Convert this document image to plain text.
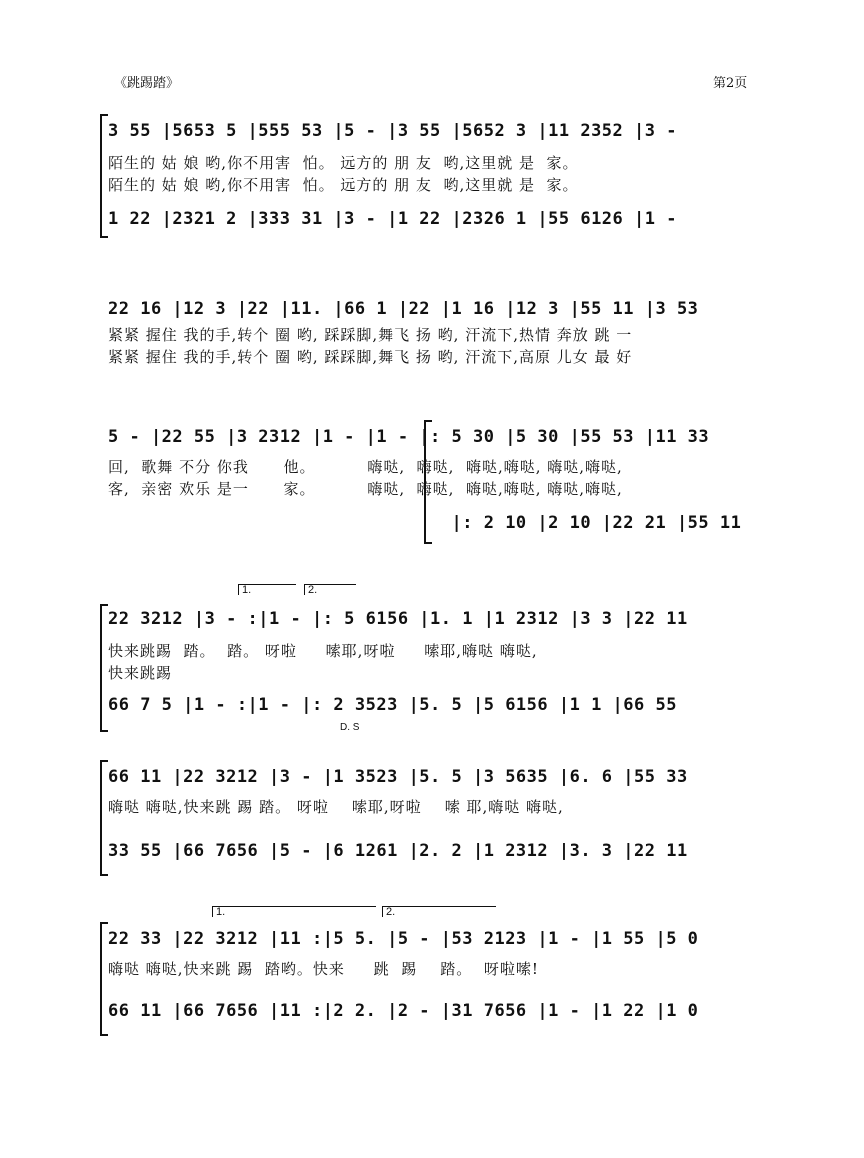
《跳踢踏》	第2页
3 55 |5653 5 |555 53 |5 - |3 55 |5652 3 |11 2352 |3 -
陌生的 姑 娘 哟,你不用害  怕。 远方的 朋 友  哟,这里就 是  家。
陌生的 姑 娘 哟,你不用害  怕。 远方的 朋 友  哟,这里就 是  家。
1 22 |2321 2 |333 31 |3 - |1 22 |2326 1 |55 6126 |1 -
22 16 |12 3 |22 |11. |66 1 |22 |1 16 |12 3 |55 11 |3 53
紧紧 握住 我的手,转个 圈 哟, 踩踩脚,舞飞 扬 哟, 汗流下,热情 奔放 跳 一
紧紧 握住 我的手,转个 圈 哟, 踩踩脚,舞飞 扬 哟, 汗流下,高原 儿女 最 好
5 - |22 55 |3 2312 |1 - |1 - |: 5 30 |5 30 |55 53 |11 33
回,  歌舞 不分 你我      他。         嗨哒,  嗨哒,  嗨哒,嗨哒, 嗨哒,嗨哒,
客,  亲密 欢乐 是一      家。         嗨哒,  嗨哒,  嗨哒,嗨哒, 嗨哒,嗨哒,
|: 2 10 |2 10 |22 21 |55 11
1.	2.
22 3212 |3 - :|1 - |: 5 6156 |1. 1 |1 2312 |3 3 |22 11
快来跳踢  踏。  踏。 呀啦     嗦耶,呀啦     嗦耶,嗨哒 嗨哒,
快来跳踢
66 7 5 |1 - :|1 - |: 2 3523 |5. 5 |5 6156 |1 1 |66 55
D. S
66 11 |22 3212 |3 - |1 3523 |5. 5 |3 5635 |6. 6 |55 33
嗨哒 嗨哒,快来跳 踢 踏。 呀啦    嗦耶,呀啦    嗦 耶,嗨哒 嗨哒,
33 55 |66 7656 |5 - |6 1261 |2. 2 |1 2312 |3. 3 |22 11
1.	2.
22 33 |22 3212 |11 :|5 5. |5 - |53 2123 |1 - |1 55 |5 0
嗨哒 嗨哒,快来跳 踢  踏哟。快来     跳  踢    踏。  呀啦嗦!
66 11 |66 7656 |11 :|2 2. |2 - |31 7656 |1 - |1 22 |1 0
